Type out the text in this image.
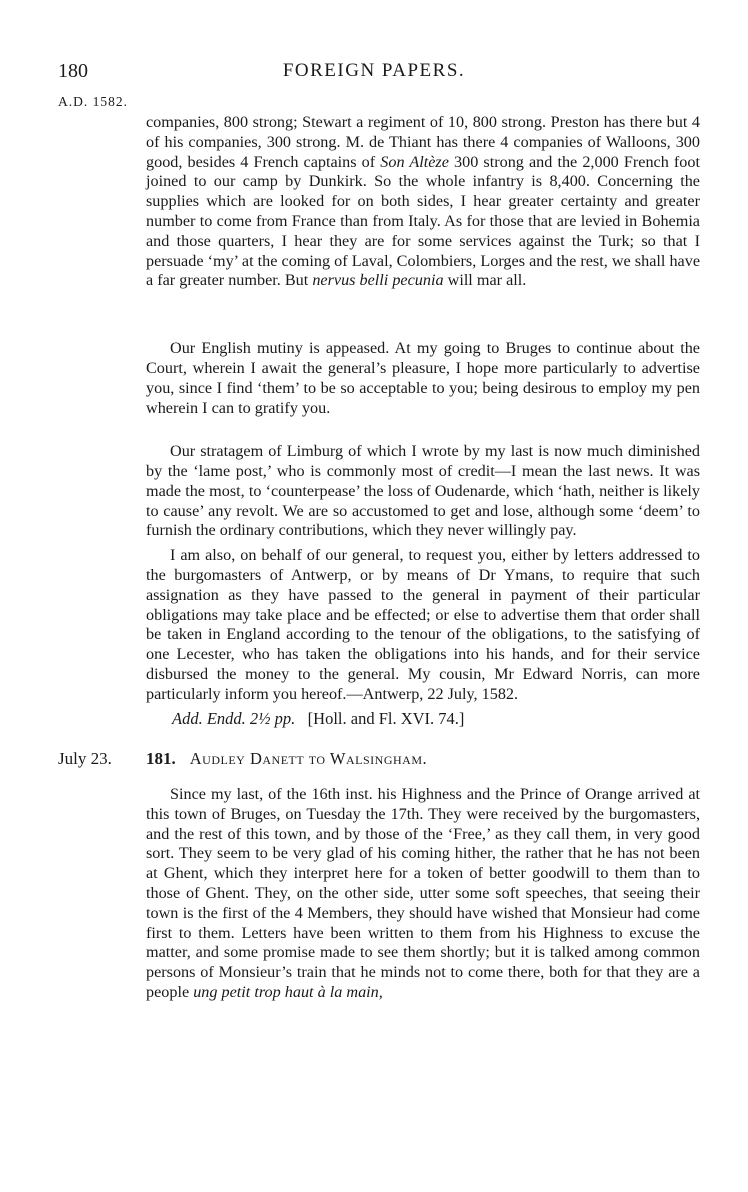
180	FOREIGN PAPERS.
A.D. 1582.
companies, 800 strong; Stewart a regiment of 10, 800 strong. Preston has there but 4 of his companies, 300 strong. M. de Thiant has there 4 companies of Walloons, 300 good, besides 4 French captains of Son Altèze 300 strong and the 2,000 French foot joined to our camp by Dunkirk. So the whole infantry is 8,400. Concerning the supplies which are looked for on both sides, I hear greater certainty and greater number to come from France than from Italy. As for those that are levied in Bohemia and those quarters, I hear they are for some services against the Turk; so that I persuade ‘my’ at the coming of Laval, Colombiers, Lorges and the rest, we shall have a far greater number. But nervus belli pecunia will mar all.

Our English mutiny is appeased. At my going to Bruges to continue about the Court, wherein I await the general’s pleasure, I hope more particularly to advertise you, since I find ‘them’ to be so acceptable to you; being desirous to employ my pen wherein I can to gratify you.

Our stratagem of Limburg of which I wrote by my last is now much diminished by the ‘lame post,’ who is commonly most of credit—I mean the last news. It was made the most, to ‘counterpease’ the loss of Oudenarde, which ‘hath, neither is likely to cause’ any revolt. We are so accustomed to get and lose, although some ‘deem’ to furnish the ordinary contributions, which they never willingly pay.

I am also, on behalf of our general, to request you, either by letters addressed to the burgomasters of Antwerp, or by means of Dr Ymans, to require that such assignation as they have passed to the general in payment of their particular obligations may take place and be effected; or else to advertise them that order shall be taken in England according to the tenour of the obligations, to the satisfying of one Lecester, who has taken the obligations into his hands, and for their service disbursed the money to the general. My cousin, Mr Edward Norris, can more particularly inform you hereof.—Antwerp, 22 July, 1582.

Add. Endd. 2½ pp. [Holl. and Fl. XVI. 74.]
July 23. 181. Audley Danett to Walsingham.
Since my last, of the 16th inst. his Highness and the Prince of Orange arrived at this town of Bruges, on Tuesday the 17th. They were received by the burgomasters, and the rest of this town, and by those of the ‘Free,’ as they call them, in very good sort. They seem to be very glad of his coming hither, the rather that he has not been at Ghent, which they interpret here for a token of better goodwill to them than to those of Ghent. They, on the other side, utter some soft speeches, that seeing their town is the first of the 4 Members, they should have wished that Monsieur had come first to them. Letters have been written to them from his Highness to excuse the matter, and some promise made to see them shortly; but it is talked among common persons of Monsieur’s train that he minds not to come there, both for that they are a people ung petit trop haut à la main,
